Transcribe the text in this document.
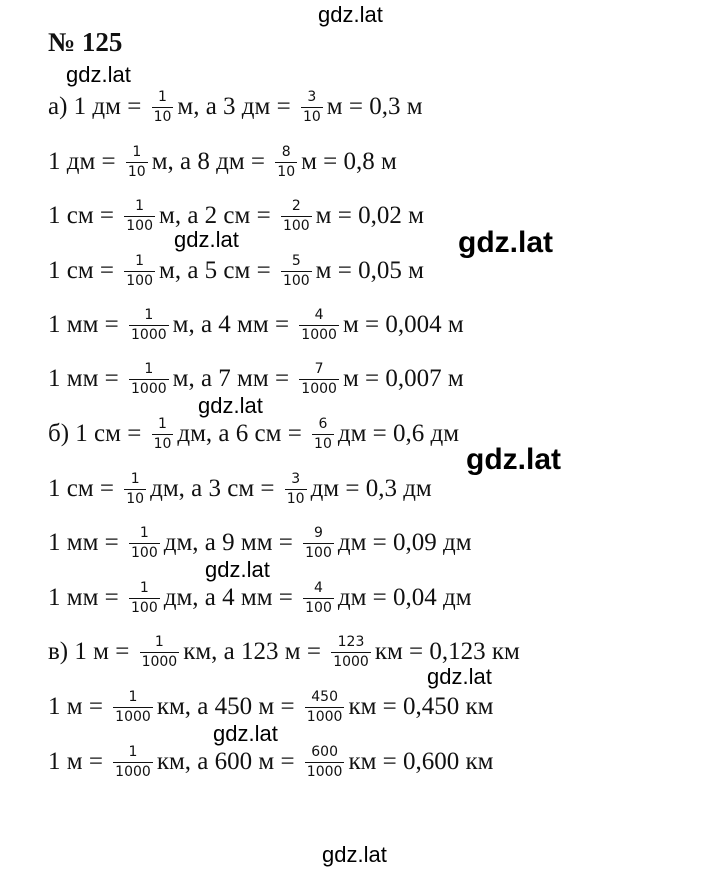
№ 125
а) 1 дм = $\frac{1}{10} м$, а 3 дм = $\frac{3}{10}$ м = 0,3 м
1 дм = $\frac{1}{10} м$, а 8 дм = $\frac{8}{10}$ м = 0,8 м
1 см = $\frac{1}{100} м$, а 2 см = $\frac{2}{100}$ м = 0,02 м
1 см = $\frac{1}{100} м$, а 5 см = $\frac{5}{100}$ м = 0,05 м
1 мм = $\frac{1}{1000} м$, а 4 мм = $\frac{4}{1000}$ м = 0,004 м
1 мм = $\frac{1}{1000} м$, а 7 мм = $\frac{7}{1000}$ м = 0,007 м
б) 1 см = $\frac{1}{10}$ дм, а 6 см = $\frac{6}{10}$ дм = 0,6 дм
1 см = $\frac{1}{10}$ дм, а 3 см = $\frac{3}{10}$ дм = 0,3 дм
1 мм = $\frac{1}{100}$ дм, а 9 мм = $\frac{9}{100}$ дм = 0,09 дм
1 мм = $\frac{1}{100}$ дм, а 4 мм = $\frac{4}{100}$ дм = 0,04 дм
в) 1 $м = \frac{1}{1000}$ км, а 123 $м = \frac{123}{1000}$ км = 0,123 км
1 $м = \frac{1}{1000}$ км, а 450 $м = \frac{450}{1000}$ км = 0,450 км
1 $м = \frac{1}{1000}$ км, а 600 $м = \frac{600}{1000}$ км = 0,600 км
gdz.lat
gdz.lat
gdz.lat	gdz.lat
gdz.lat
gdz.lat
gdz.lat
gdz.lat
gdz.lat
gdz.lat
